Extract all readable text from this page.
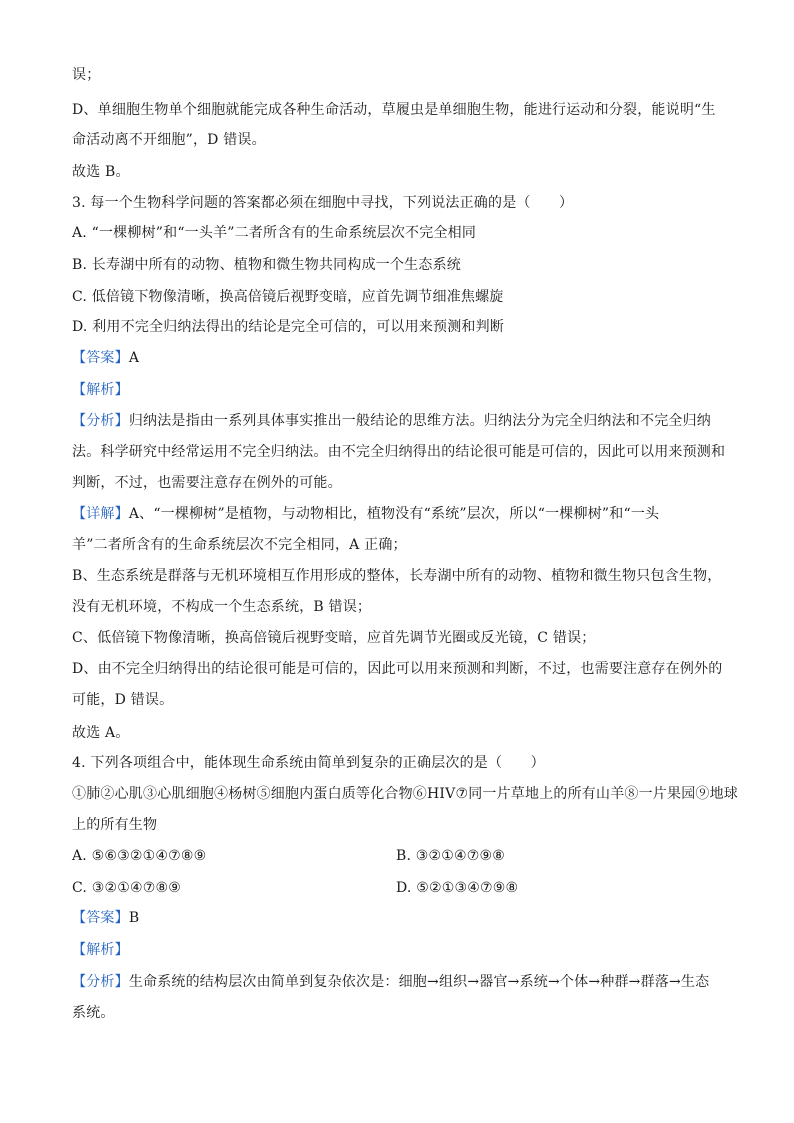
误；
D、单细胞生物单个细胞就能完成各种生命活动，草履虫是单细胞生物，能进行运动和分裂，能说明“生
命活动离不开细胞”，D 错误。
故选 B。
3. 每一个生物科学问题的答案都必须在细胞中寻找，下列说法正确的是（　　）
A. “一棵柳树”和“一头羊”二者所含有的生命系统层次不完全相同
B. 长寿湖中所有的动物、植物和微生物共同构成一个生态系统
C. 低倍镜下物像清晰，换高倍镜后视野变暗，应首先调节细准焦螺旋
D. 利用不完全归纳法得出的结论是完全可信的，可以用来预测和判断
【答案】A
【解析】
【分析】归纳法是指由一系列具体事实推出一般结论的思维方法。归纳法分为完全归纳法和不完全归纳
法。科学研究中经常运用不完全归纳法。由不完全归纳得出的结论很可能是可信的，因此可以用来预测和
判断，不过，也需要注意存在例外的可能。
【详解】A、“一棵柳树”是植物，与动物相比，植物没有“系统”层次，所以“一棵柳树”和“一头
羊”二者所含有的生命系统层次不完全相同，A 正确；
B、生态系统是群落与无机环境相互作用形成的整体，长寿湖中所有的动物、植物和微生物只包含生物，
没有无机环境，不构成一个生态系统，B 错误；
C、低倍镜下物像清晰，换高倍镜后视野变暗，应首先调节光圈或反光镜，C 错误；
D、由不完全归纳得出的结论很可能是可信的，因此可以用来预测和判断，不过，也需要注意存在例外的
可能，D 错误。
故选 A。
4. 下列各项组合中，能体现生命系统由简单到复杂的正确层次的是（　　）
①肺②心肌③心肌细胞④杨树⑤细胞内蛋白质等化合物⑥HIV⑦同一片草地上的所有山羊⑧一片果园⑨地球
上的所有生物
A. ⑤⑥③②①④⑦⑧⑨	B. ③②①④⑦⑨⑧
C. ③②①④⑦⑧⑨	D. ⑤②①③④⑦⑨⑧
【答案】B
【解析】
【分析】生命系统的结构层次由简单到复杂依次是：细胞→组织→器官→系统→个体→种群→群落→生态
系统。
